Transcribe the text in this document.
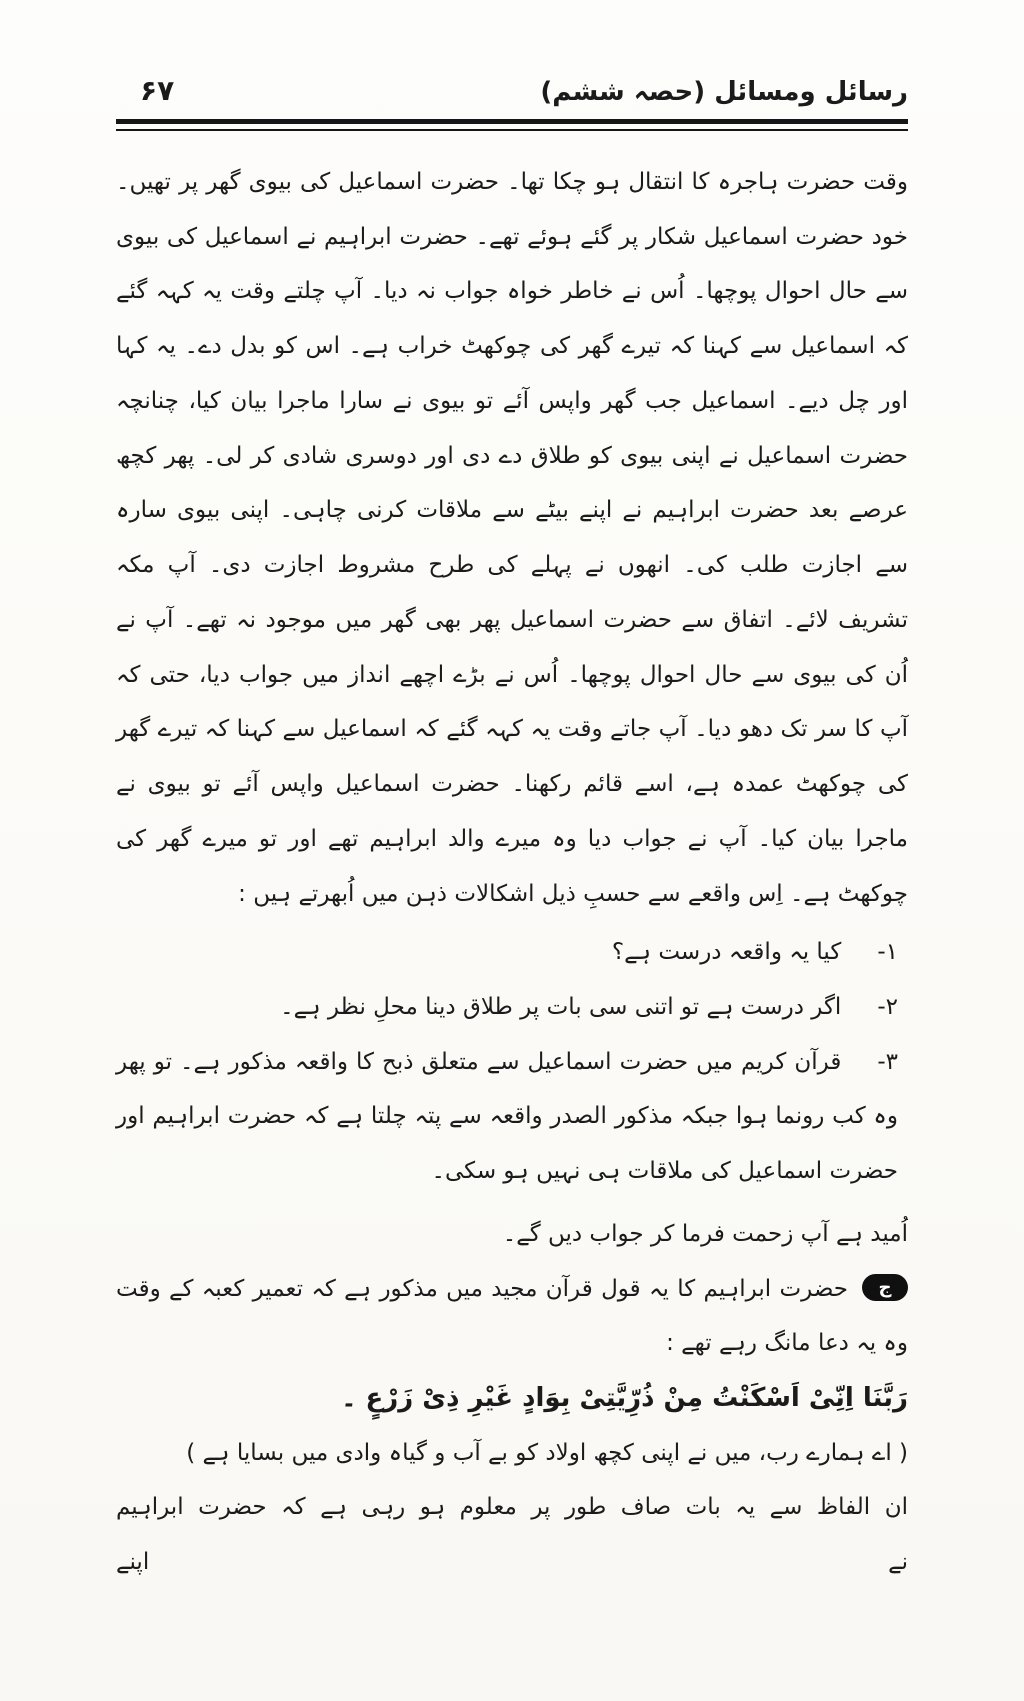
رسائل ومسائل (حصہ ششم)
۶۷

وقت حضرت ہاجرہ کا انتقال ہو چکا تھا۔ حضرت اسماعیل کی بیوی گھر پر تھیں۔ خود حضرت اسماعیل شکار پر گئے ہوئے تھے۔ حضرت ابراہیم نے اسماعیل کی بیوی سے حال احوال پوچھا۔ اُس نے خاطر خواہ جواب نہ دیا۔ آپ چلتے وقت یہ کہہ گئے کہ اسماعیل سے کہنا کہ تیرے گھر کی چوکھٹ خراب ہے۔ اس کو بدل دے۔ یہ کہا اور چل دیے۔ اسماعیل جب گھر واپس آئے تو بیوی نے سارا ماجرا بیان کیا، چنانچہ حضرت اسماعیل نے اپنی بیوی کو طلاق دے دی اور دوسری شادی کر لی۔ پھر کچھ عرصے بعد حضرت ابراہیم نے اپنے بیٹے سے ملاقات کرنی چاہی۔ اپنی بیوی سارہ سے اجازت طلب کی۔ انھوں نے پہلے کی طرح مشروط اجازت دی۔ آپ مکہ تشریف لائے۔ اتفاق سے حضرت اسماعیل پھر بھی گھر میں موجود نہ تھے۔ آپ نے اُن کی بیوی سے حال احوال پوچھا۔ اُس نے بڑے اچھے انداز میں جواب دیا، حتی کہ آپ کا سر تک دھو دیا۔ آپ جاتے وقت یہ کہہ گئے کہ اسماعیل سے کہنا کہ تیرے گھر کی چوکھٹ عمدہ ہے، اسے قائم رکھنا۔ حضرت اسماعیل واپس آئے تو بیوی نے ماجرا بیان کیا۔ آپ نے جواب دیا وہ میرے والد ابراہیم تھے اور تو میرے گھر کی چوکھٹ ہے۔ اِس واقعے سے حسبِ ذیل اشکالات ذہن میں اُبھرتے ہیں :

۱-کیا یہ واقعہ درست ہے؟

۲-اگر درست ہے تو اتنی سی بات پر طلاق دینا محلِ نظر ہے۔

۳-قرآن کریم میں حضرت اسماعیل سے متعلق ذبح کا واقعہ مذکور ہے۔ تو پھر وہ کب رونما ہوا جبکہ مذکور الصدر واقعہ سے پتہ چلتا ہے کہ حضرت ابراہیم اور حضرت اسماعیل کی ملاقات ہی نہیں ہو سکی۔

اُمید ہے آپ زحمت فرما کر جواب دیں گے۔

جحضرت ابراہیم کا یہ قول قرآن مجید میں مذکور ہے کہ تعمیر کعبہ کے وقت وہ یہ دعا مانگ رہے تھے :

رَبَّنَا اِنِّیْ اَسْکَنْتُ مِنْ ذُرِّیَّتِیْ بِوَادٍ غَیْرِ ذِیْ زَرْعٍ ۔

( اے ہمارے رب، میں نے اپنی کچھ اولاد کو بے آب و گیاہ وادی میں بسایا ہے )

ان الفاظ سے یہ بات صاف طور پر معلوم ہو رہی ہے کہ حضرت ابراہیم نے اپنے
